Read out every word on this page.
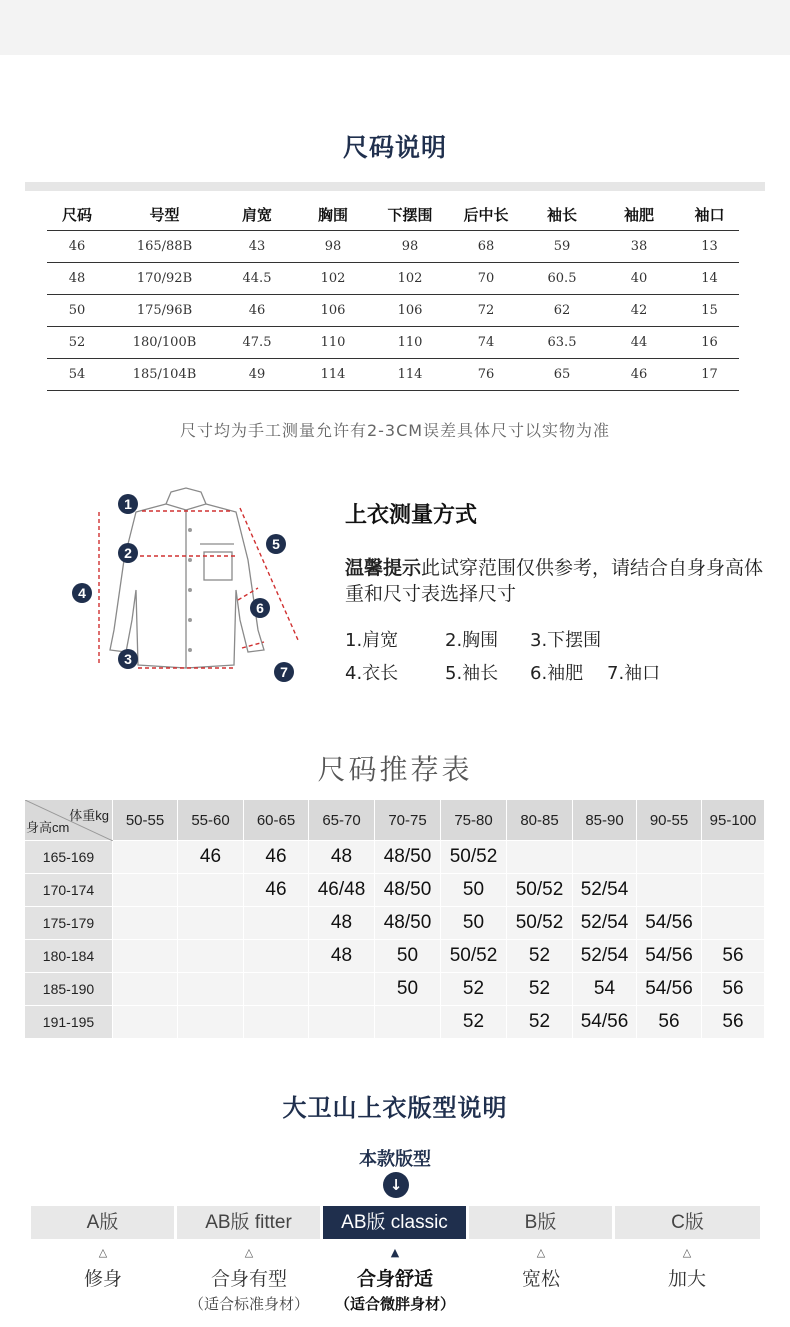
尺码说明
尺码	号型	肩宽	胸围	下摆围	后中长	袖长	袖肥	袖口
46	165/88B	43	98	98	68	59	38	13
48	170/92B	44.5	102	102	70	60.5	40	14
50	175/96B	46	106	106	72	62	42	15
52	180/100B	47.5	110	110	74	63.5	44	16
54	185/104B	49	114	114	76	65	46	17
尺寸均为手工测量允许有2-3CM误差具体尺寸以实物为准
1
2
3
4
5
6
7
上衣测量方式
温馨提示此试穿范围仅供参考，请结合自身身高体重和尺寸表选择尺寸
1.肩宽	2.胸围 3.下摆围
4.衣长	5.袖长 6.袖肥 7.袖口
尺码推荐表
体重kg
身高cm	50-55	55-60	60-65	65-70	70-75	75-80	80-85	85-90	90-55	95-100
165-169		46	46	48	48/50	50/52				
170-174			46	46/48	48/50	50	50/52	52/54		
175-179				48	48/50	50	50/52	52/54	54/56	
180-184				48	50	50/52	52	52/54	54/56	56
185-190					50	52	52	54	54/56	56
191-195						52	52	54/56	56	56
大卫山上衣版型说明
本款版型
↓
A版	AB版 fitter	AB版 classic	B版	C版
△
修身
△
合身有型
（适合标准身材）
▲
合身舒适
（适合微胖身材）
△
宽松
△
加大
